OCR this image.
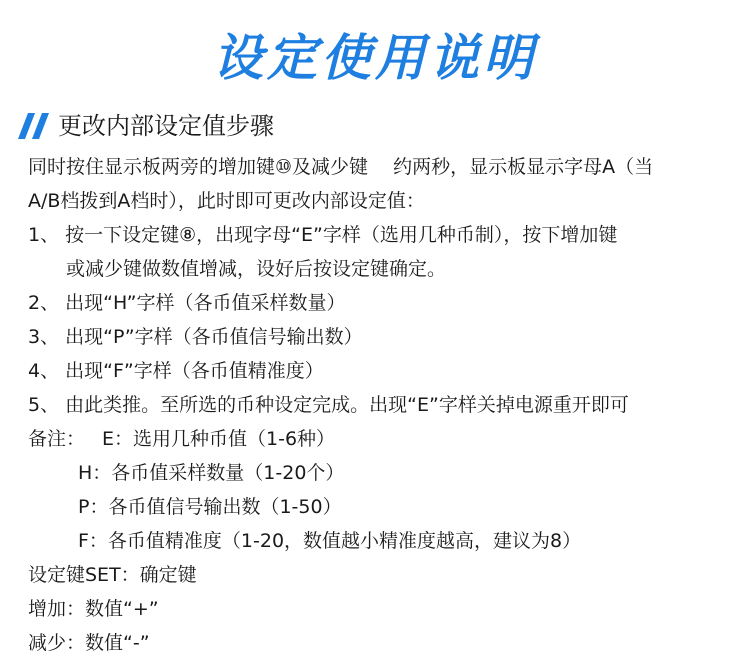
设定使用说明
更改内部设定值步骤
同时按住显示板两旁的增加键⑩及减少键　 约两秒，显示板显示字母A（当
A/B档拨到A档时），此时即可更改内部设定值：
1、 按一下设定键⑧，出现字母“E”字样（选用几种币制），按下增加键
或减少键做数值增减，设好后按设定键确定。
2、 出现“H”字样（各币值采样数量）
3、 出现“P”字样（各币值信号输出数）
4、 出现“F”字样（各币值精准度）
5、 由此类推。至所选的币种设定完成。出现“E”字样关掉电源重开即可
备注： E：选用几种币值（1-6种）
H：各币值采样数量（1-20个）
P：各币值信号输出数（1-50）
F：各币值精准度（1-20，数值越小精准度越高，建议为8）
设定键SET：确定键
增加：数值“+”
减少：数值“-”
